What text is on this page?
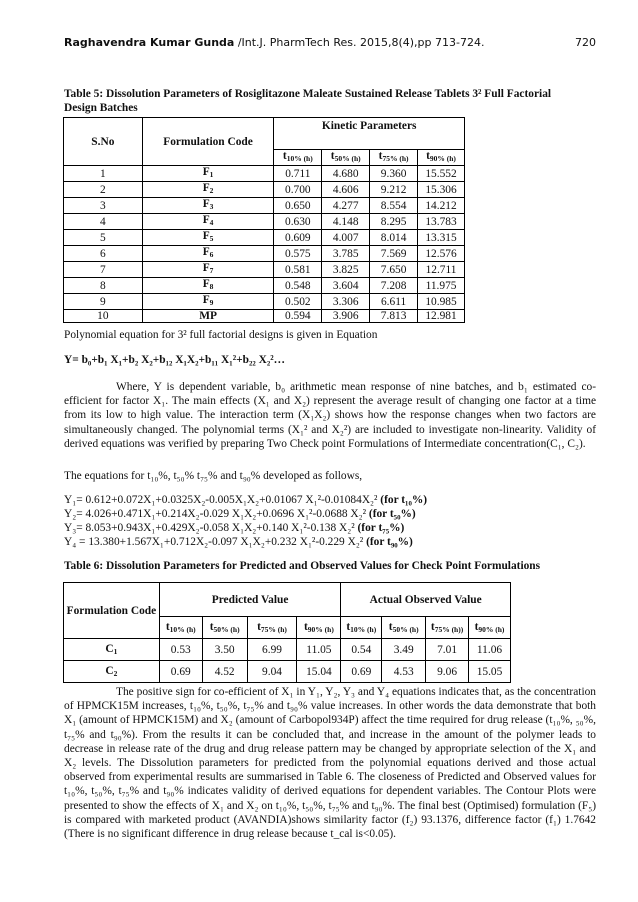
Raghavendra Kumar Gunda /Int.J. PharmTech Res. 2015,8(4),pp 713-724.	720
Table 5: Dissolution Parameters of Rosiglitazone Maleate Sustained Release Tablets 3² Full Factorial
Design Batches
S.No	Formulation Code	Kinetic Parameters			
		$t_{10\% (h)}$	$t_{50\% (h)}$	$t_{75\% (h)}$	$t_{90\% (h)}$
1	$F_1$	0.711	4.680	9.360	15.552
2	$F_2$	0.700	4.606	9.212	15.306
3	$F_3$	0.650	4.277	8.554	14.212
4	$F_4$	0.630	4.148	8.295	13.783
5	$F_5$	0.609	4.007	8.014	13.315
6	$F_6$	0.575	3.785	7.569	12.576
7	$F_7$	0.581	3.825	7.650	12.711
8	$F_8$	0.548	3.604	7.208	11.975
9	$F_9$	0.502	3.306	6.611	10.985
10	MP	0.594	3.906	7.813	12.981
Polynomial equation for 3² full factorial designs is given in Equation
Y= b₀+b₁ X₁+b₂ X₂+b₁₂ X₁X₂+b₁₁ X₁²+b₂₂ X₂²…
Where, Y is dependent variable, b₀ arithmetic mean response of nine batches, and b₁ estimated co-efficient for factor X₁. The main effects (X₁ and X₂) represent the average result of changing one factor at a time from its low to high value. The interaction term (X₁X₂) shows how the response changes when two factors are simultaneously changed. The polynomial terms (X₁² and X₂²) are included to investigate non-linearity. Validity of derived equations was verified by preparing Two Check point Formulations of Intermediate concentration(C₁, C₂).
The equations for t₁₀%, t₅₀% t₇₅% and t₉₀% developed as follows,
Y₁= 0.612+0.072X₁+0.0325X₂-0.005X₁X₂+0.01067 X₁²-0.01084X₂² (for t₁₀%)
Y₂= 4.026+0.471X₁+0.214X₂-0.029 X₁X₂+0.0696 X₁²-0.0688 X₂² (for t₅₀%)
Y₃= 8.053+0.943X₁+0.429X₂-0.058 X₁X₂+0.140 X₁²-0.138 X₂² (for t₇₅%)
Y₄ = 13.380+1.567X₁+0.712X₂-0.097 X₁X₂+0.232 X₁²-0.229 X₂² (for t₉₀%)
Table 6: Dissolution Parameters for Predicted and Observed Values for Check Point Formulations
Formulation Code	Predicted Value				Actual Observed Value			
	$t_{10\% (h)}$	$t_{50\% (h)}$	$t_{75\% (h)}$	$t_{90\% (h)}$	$t_{10\% (h)}$	$t_{50\% (h)}$	$t_{75\% (h))}$	$t_{90\% (h)}$
$C_1$	0.53	3.50	6.99	11.05	0.54	3.49	7.01	11.06
$C_2$	0.69	4.52	9.04	15.04	0.69	4.53	9.06	15.05
The positive sign for co-efficient of X₁ in Y₁, Y₂, Y₃ and Y₄ equations indicates that, as the concentration of HPMCK15M increases, t₁₀%, t₅₀%, t₇₅% and t₉₀% value increases. In other words the data demonstrate that both X₁ (amount of HPMCK15M) and X₂ (amount of Carbopol934P) affect the time required for drug release (t₁₀%, ₅₀%, t₇₅% and t₉₀%). From the results it can be concluded that, and increase in the amount of the polymer leads to decrease in release rate of the drug and drug release pattern may be changed by appropriate selection of the X₁ and X₂ levels. The Dissolution parameters for predicted from the polynomial equations derived and those actual observed from experimental results are summarised in Table 6. The closeness of Predicted and Observed values for t₁₀%, t₅₀%, t₇₅% and t₉₀% indicates validity of derived equations for dependent variables. The Contour Plots were presented to show the effects of X₁ and X₂ on t₁₀%, t₅₀%, t₇₅% and t₉₀%. The final best (Optimised) formulation (F₅) is compared with marketed product (AVANDIA)shows similarity factor (f₂) 93.1376, difference factor (f₁) 1.7642 (There is no significant difference in drug release because t_cal is<0.05).
